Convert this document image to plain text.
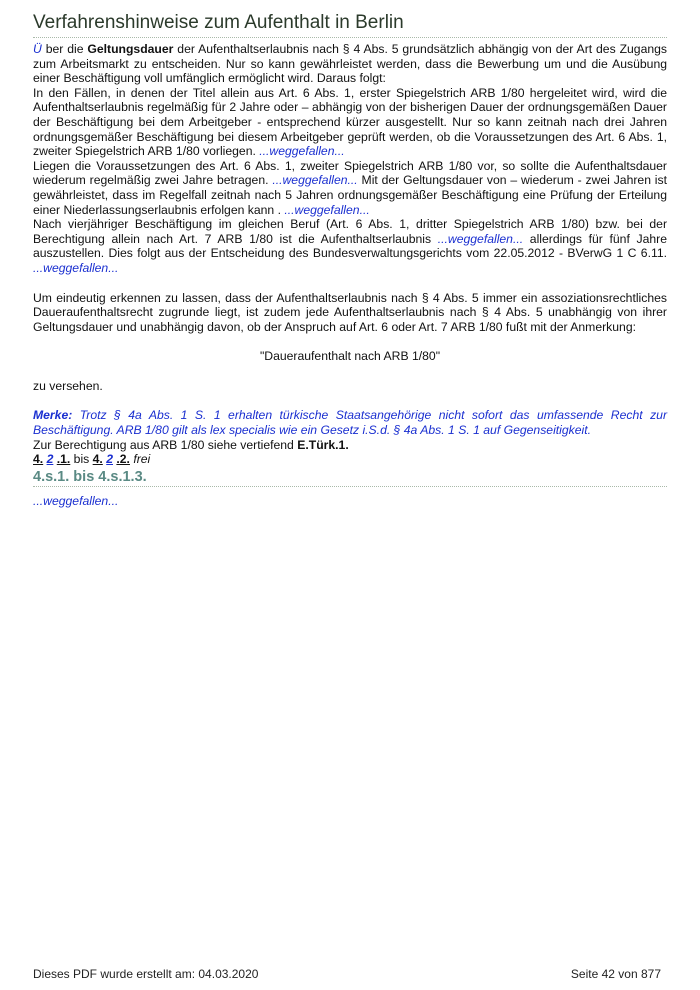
Verfahrenshinweise zum Aufenthalt in Berlin

Ü ber die Geltungsdauer der Aufenthaltserlaubnis nach § 4 Abs. 5 grundsätzlich abhängig von der Art des Zugangs zum Arbeitsmarkt zu entscheiden. Nur so kann gewährleistet werden, dass die Bewerbung um und die Ausübung einer Beschäftigung voll umfänglich ermöglicht wird. Daraus folgt:

In den Fällen, in denen der Titel allein aus Art. 6 Abs. 1, erster Spiegelstrich ARB 1/80 hergeleitet wird, wird die Aufenthaltserlaubnis regelmäßig für 2 Jahre oder – abhängig von der bisherigen Dauer der ordnungsgemäßen Dauer der Beschäftigung bei dem Arbeitgeber - entsprechend kürzer ausgestellt. Nur so kann zeitnah nach drei Jahren ordnungsgemäßer Beschäftigung bei diesem Arbeitgeber geprüft werden, ob die Voraussetzungen des Art. 6 Abs. 1, zweiter Spiegelstrich ARB 1/80 vorliegen. ...weggefallen...

Liegen die Voraussetzungen des Art. 6 Abs. 1, zweiter Spiegelstrich ARB 1/80 vor, so sollte die Aufenthaltsdauer wiederum regelmäßig zwei Jahre betragen. ...weggefallen... Mit der Geltungsdauer von – wiederum - zwei Jahren ist gewährleistet, dass im Regelfall zeitnah nach 5 Jahren ordnungsgemäßer Beschäftigung eine Prüfung der Erteilung einer Niederlassungserlaubnis erfolgen kann . ...weggefallen...

Nach vierjähriger Beschäftigung im gleichen Beruf (Art. 6 Abs. 1, dritter Spiegelstrich ARB 1/80) bzw. bei der Berechtigung allein nach Art. 7 ARB 1/80 ist die Aufenthaltserlaubnis ...weggefallen... allerdings für fünf Jahre auszustellen. Dies folgt aus der Entscheidung des Bundesverwaltungsgerichts vom 22.05.2012 - BVerwG 1 C 6.11. ...weggefallen...

Um eindeutig erkennen zu lassen, dass der Aufenthaltserlaubnis nach § 4 Abs. 5 immer ein assoziationsrechtliches Daueraufenthaltsrecht zugrunde liegt, ist zudem jede Aufenthaltserlaubnis nach § 4 Abs. 5 unabhängig von ihrer Geltungsdauer und unabhängig davon, ob der Anspruch auf Art. 6 oder Art. 7 ARB 1/80 fußt mit der Anmerkung:

"Daueraufenthalt nach ARB 1/80"

zu versehen.

Merke: Trotz § 4a Abs. 1 S. 1 erhalten türkische Staatsangehörige nicht sofort das umfassende Recht zur Beschäftigung. ARB 1/80 gilt als lex specialis wie ein Gesetz i.S.d. § 4a Abs. 1 S. 1 auf Gegenseitigkeit.

Zur Berechtigung aus ARB 1/80 siehe vertiefend E.Türk.1.

4. 2 .1. bis 4. 2 .2. frei

4.s.1. bis 4.s.1.3.

...weggefallen...

Dieses PDF wurde erstellt am: 04.03.2020	Seite 42 von 877
